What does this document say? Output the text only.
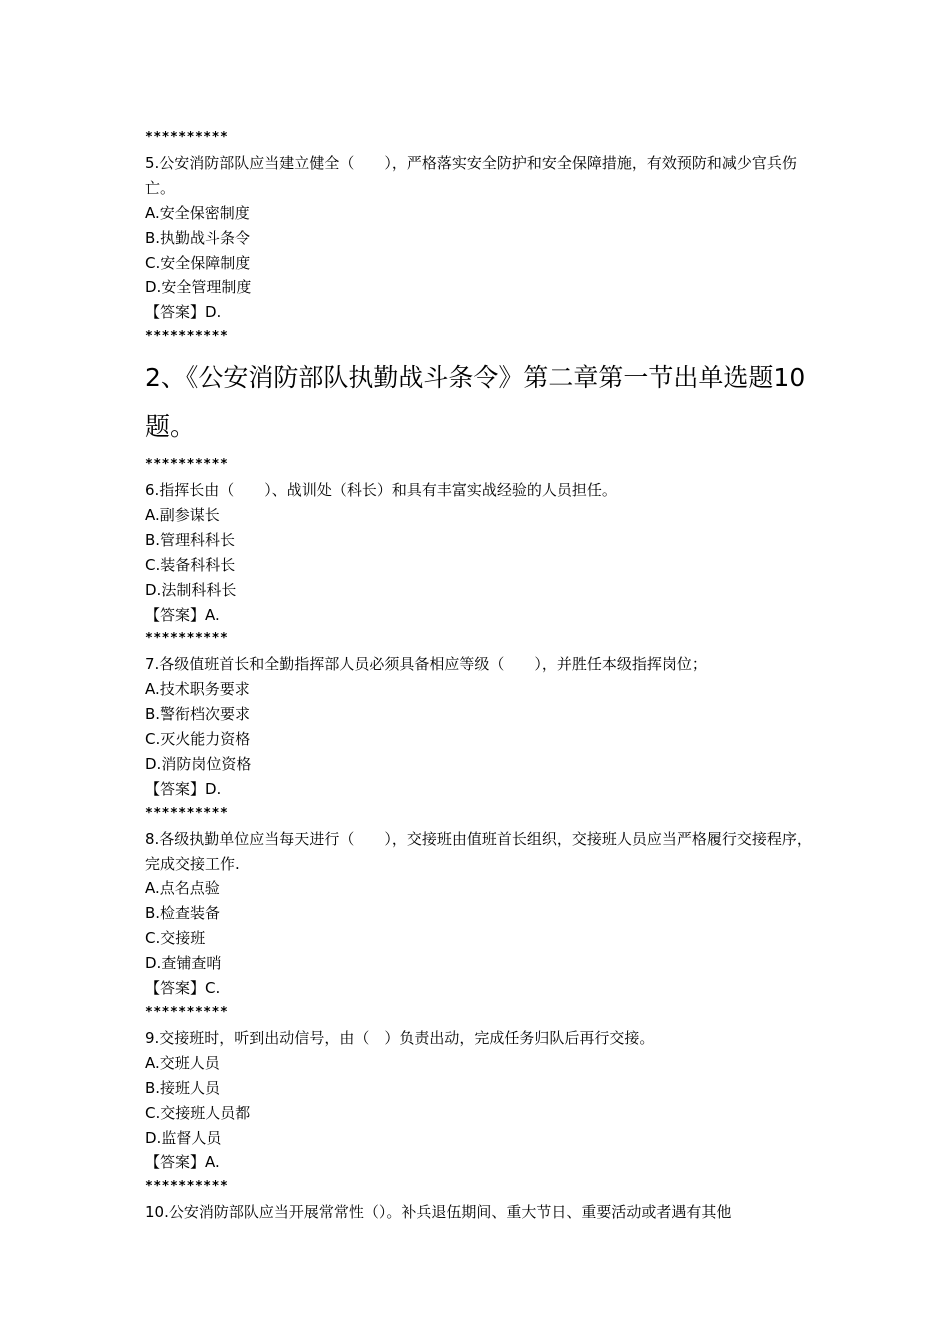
**********
5.公安消防部队应当建立健全（　　），严格落实安全防护和安全保障措施，有效预防和减少官兵伤亡。
A.安全保密制度
B.执勤战斗条令
C.安全保障制度
D.安全管理制度
【答案】D.
**********
2、《公安消防部队执勤战斗条令》第二章第一节出单选题10题。
**********
6.指挥长由（　　）、战训处（科长）和具有丰富实战经验的人员担任。
A.副参谋长
B.管理科科长
C.装备科科长
D.法制科科长
【答案】A.
**********
7.各级值班首长和全勤指挥部人员必须具备相应等级（　　），并胜任本级指挥岗位；
A.技术职务要求
B.警衔档次要求
C.灭火能力资格
D.消防岗位资格
【答案】D.
**********
8.各级执勤单位应当每天进行（　　），交接班由值班首长组织，交接班人员应当严格履行交接程序，完成交接工作.
A.点名点验
B.检查装备
C.交接班
D.查铺查哨
【答案】C.
**********
9.交接班时，听到出动信号，由（　）负责出动，完成任务归队后再行交接。
A.交班人员
B.接班人员
C.交接班人员都
D.监督人员
【答案】A.
**********
10.公安消防部队应当开展常常性（）。补兵退伍期间、重大节日、重要活动或者遇有其他
